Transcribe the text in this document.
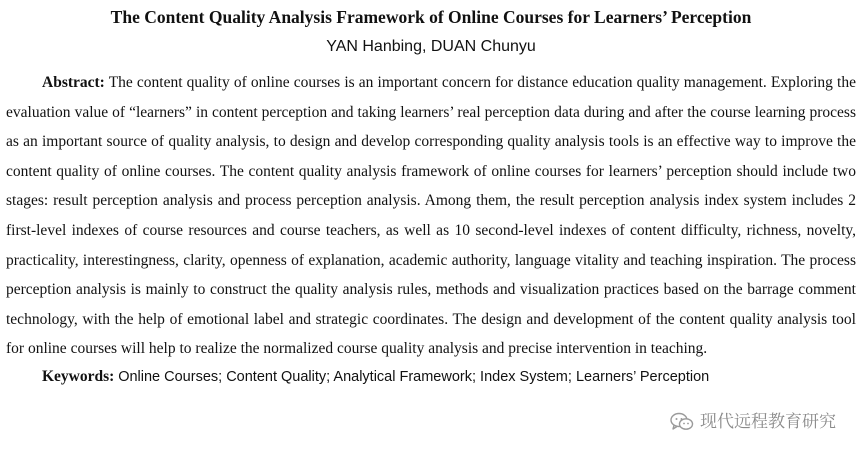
The Content Quality Analysis Framework of Online Courses for Learners’ Perception
YAN Hanbing, DUAN Chunyu

Abstract: The content quality of online courses is an important concern for distance education quality management. Exploring the evaluation value of “learners” in content perception and taking learners’ real perception data during and after the course learning process as an important source of quality analysis, to design and develop corresponding quality analysis tools is an effective way to improve the content quality of online courses. The content quality analysis framework of online courses for learners’ perception should include two stages: result perception analysis and process perception analysis. Among them, the result perception analysis index system includes 2 first-level indexes of course resources and course teachers, as well as 10 second-level indexes of content difficulty, richness, novelty, practicality, interestingness, clarity, openness of explanation, academic authority, language vitality and teaching inspiration. The process perception analysis is mainly to construct the quality analysis rules, methods and visualization practices based on the barrage comment technology, with the help of emotional label and strategic coordinates. The design and development of the content quality analysis tool for online courses will help to realize the normalized course quality analysis and precise intervention in teaching.

Keywords: Online Courses; Content Quality; Analytical Framework; Index System; Learners’ Perception

现代远程教育研究
